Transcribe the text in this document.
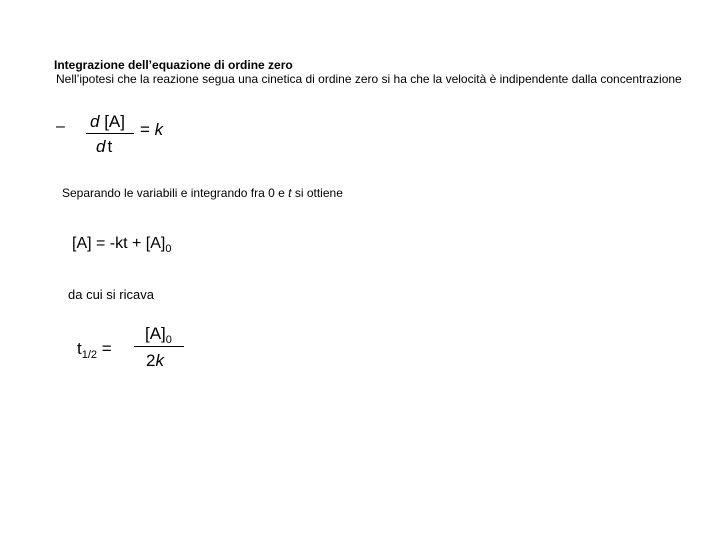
Integrazione dell’equazione di ordine zero
Nell’ipotesi che la reazione segua una cinetica di ordine zero si ha che la velocità è indipendente dalla concentrazione
– d [A]
dt
= k
Separando le variabili e integrando fra 0 e t si ottiene
$[A] = -kt + [A]_0$
da cui si ricava
$t_{1/2}$ =
$[A]_0$
2k
